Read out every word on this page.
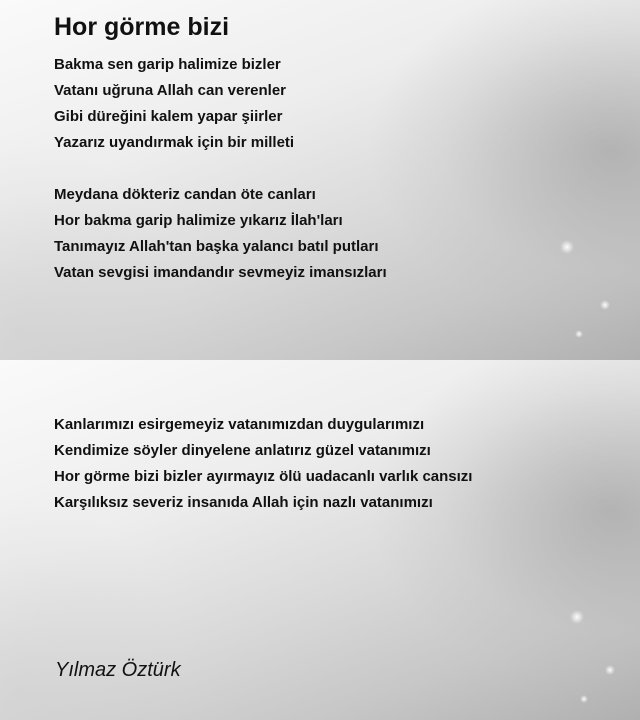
Hor görme bizi
Bakma sen garip halimize bizler
Vatanı uğruna Allah can verenler
Gibi düreğini kalem yapar şiirler
Yazarız uyandırmak için bir milleti
Meydana dökteriz candan öte canları
Hor bakma garip halimize yıkarız İlah'ları
Tanımayız Allah'tan başka yalancı batıl putları
Vatan sevgisi imandandır sevmeyiz imansızları
Kanlarımızı esirgemeyiz vatanımızdan duygularımızı
Kendimize söyler dinyelene anlatırız güzel vatanımızı
Hor görme bizi bizler ayırmayız ölü uadacanlı varlık cansızı
Karşılıksız severiz insanıda Allah için nazlı vatanımızı
Yılmaz Öztürk
